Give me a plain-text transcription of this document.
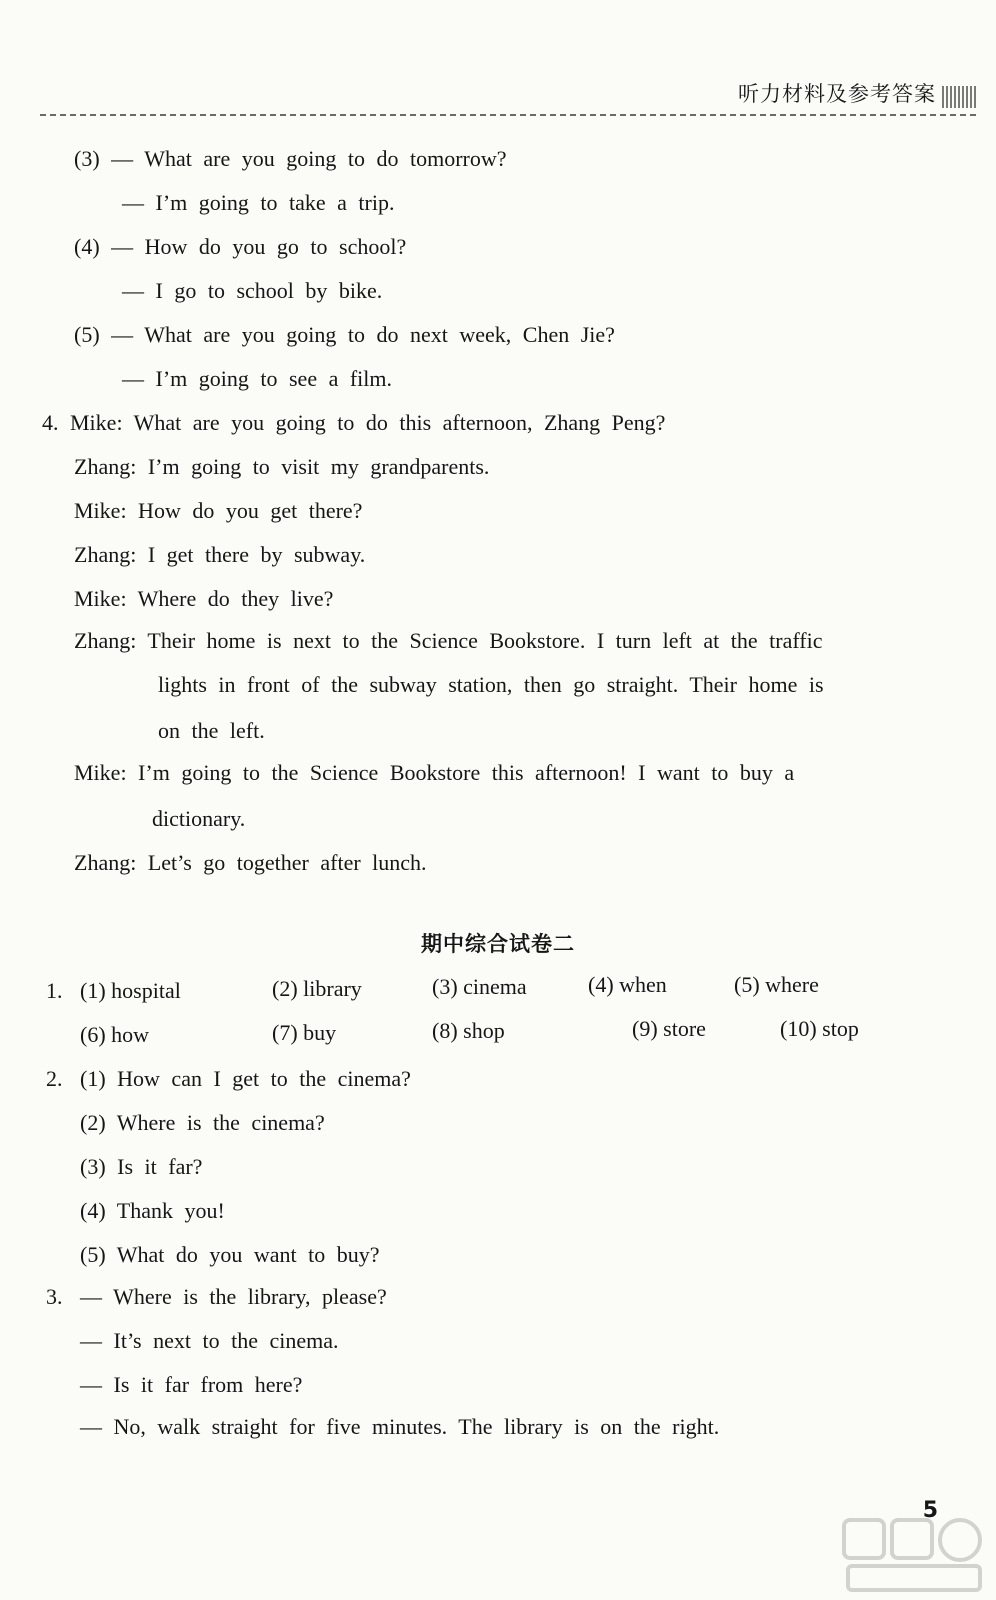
听力材料及参考答案
(3) — What are you going to do tomorrow?
— I’m going to take a trip.
(4) — How do you go to school?
— I go to school by bike.
(5) — What are you going to do next week, Chen Jie?
— I’m going to see a film.
4. Mike: What are you going to do this afternoon, Zhang Peng?
Zhang: I’m going to visit my grandparents.
Mike: How do you get there?
Zhang: I get there by subway.
Mike: Where do they live?
Zhang: Their home is next to the Science Bookstore. I turn left at the traffic
lights in front of the subway station, then go straight. Their home is
on the left.
Mike: I’m going to the Science Bookstore this afternoon! I want to buy a
dictionary.
Zhang: Let’s go together after lunch.
期中综合试卷二
1. (1) hospital	(2) library	(3) cinema	(4) when	(5) where
(6) how	(7) buy	(8) shop	(9) store	(10) stop
2. (1) How can I get to the cinema?
(2) Where is the cinema?
(3) Is it far?
(4) Thank you!
(5) What do you want to buy?
3. — Where is the library, please?
— It’s next to the cinema.
— Is it far from here?
— No, walk straight for five minutes. The library is on the right.
5
